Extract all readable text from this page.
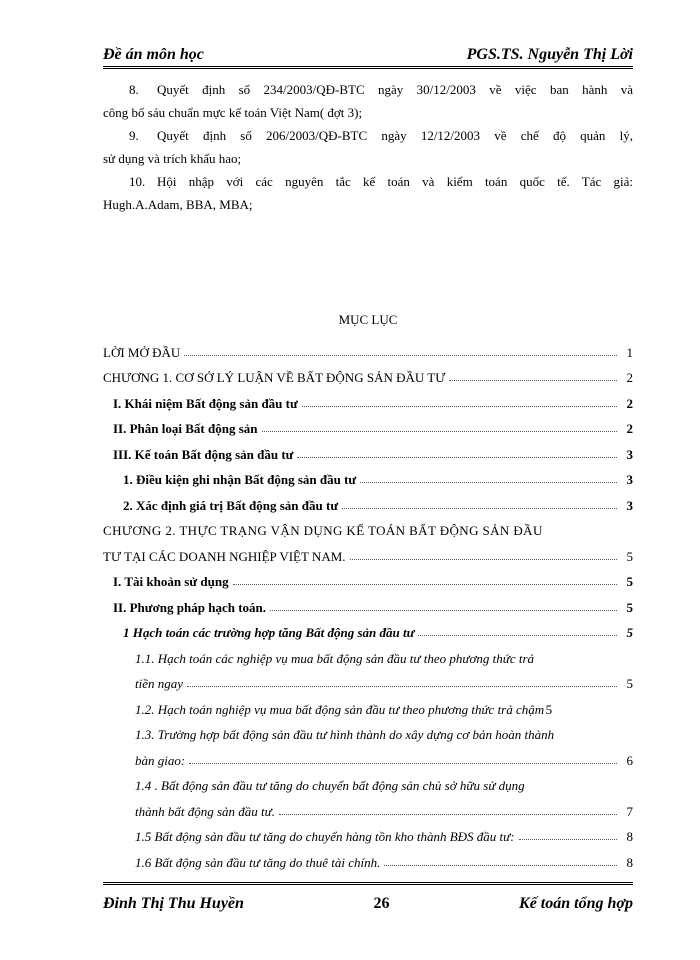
Đề án môn học	PGS.TS. Nguyễn Thị Lời
8. Quyết định số 234/2003/QĐ-BTC ngày 30/12/2003 về việc ban hành và
công bố sáu chuẩn mực kế toán Việt Nam( đợt 3);
9. Quyết định số 206/2003/QĐ-BTC ngày 12/12/2003 về chế độ quản lý,
sử dụng và trích khấu hao;
10. Hội nhập với các nguyên tắc kế toán và kiểm toán quốc tế. Tác giả:
Hugh.A.Adam, BBA, MBA;
MỤC LỤC
LỜI MỞ ĐẦU	1
CHƯƠNG 1. CƠ SỞ LÝ LUẬN VỀ BẤT ĐỘNG SẢN ĐẦU TƯ	2
I. Khái niệm Bất động sản đầu tư	2
II. Phân loại Bất động sản	2
III. Kế toán Bất động sản đầu tư	3
1. Điều kiện ghi nhận Bất động sản đầu tư	3
2. Xác định giá trị Bất động sản đầu tư	3
CHƯƠNG 2. THỰC TRẠNG VẬN DỤNG KẾ TOÁN BẤT ĐỘNG SẢN ĐẦU
TƯ TẠI CÁC DOANH NGHIỆP VIỆT NAM.	5
I. Tài khoản sử dụng	5
II. Phương pháp hạch toán.	5
1 Hạch toán các trường hợp tăng Bất động sản đầu tư	5
1.1. Hạch toán các nghiệp vụ mua bất động sản đầu tư theo phương thức trả
tiền ngay	5
1.2. Hạch toán nghiệp vụ mua bất động sản đầu tư theo phương thức trả chậm 5
1.3. Trường hợp bất động sản đầu tư hình thành do xây dựng cơ bản hoàn thành
bàn giao:	6
1.4 . Bất động sản đầu tư tăng do chuyển bất động sản chủ sở hữu sử dụng
thành bất động sản đầu tư.	7
1.5 Bất động sản đầu tư tăng do chuyển hàng tồn kho thành BĐS đầu tư:	8
1.6 Bất động sản đầu tư tăng do thuê tài chính.	8
Đinh Thị Thu Huyền	26	Kế toán tổng hợp
